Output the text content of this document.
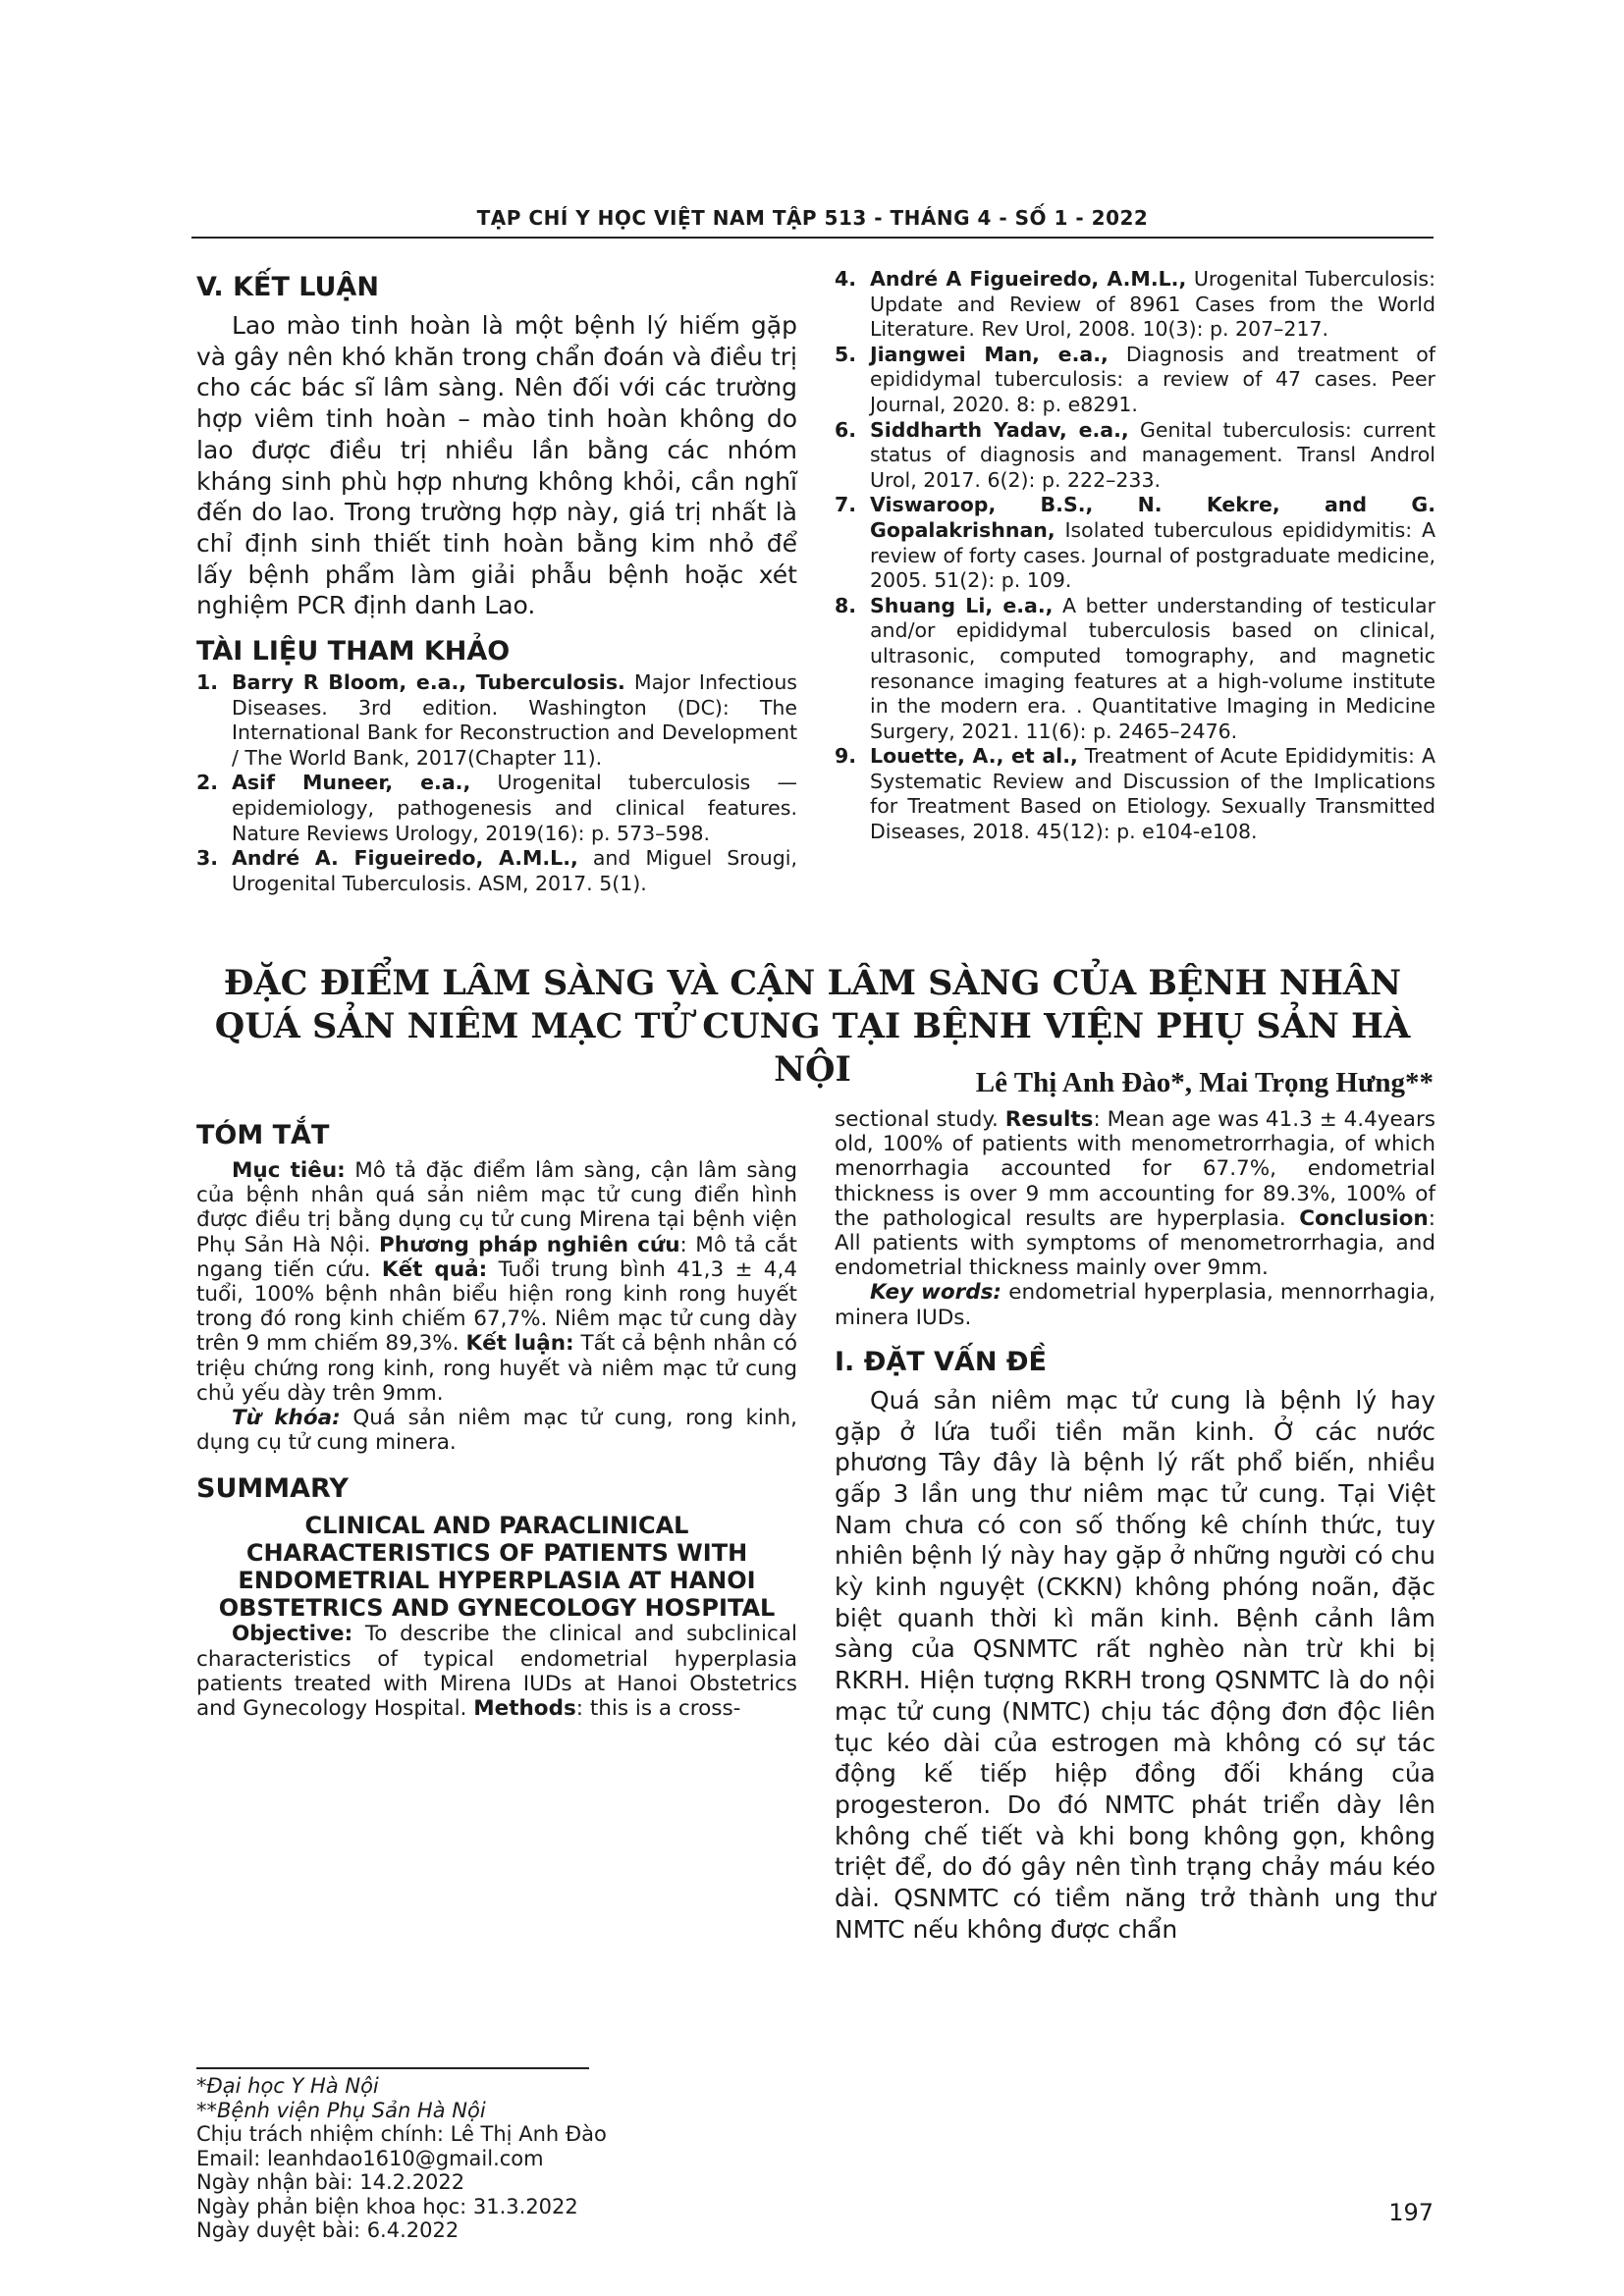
TẠP CHÍ Y HỌC VIỆT NAM TẬP 513 - THÁNG 4 - SỐ 1 - 2022
V. KẾT LUẬN

Lao mào tinh hoàn là một bệnh lý hiếm gặp và gây nên khó khăn trong chẩn đoán và điều trị cho các bác sĩ lâm sàng. Nên đối với các trường hợp viêm tinh hoàn – mào tinh hoàn không do lao được điều trị nhiều lần bằng các nhóm kháng sinh phù hợp nhưng không khỏi, cần nghĩ đến do lao. Trong trường hợp này, giá trị nhất là chỉ định sinh thiết tinh hoàn bằng kim nhỏ để lấy bệnh phẩm làm giải phẫu bệnh hoặc xét nghiệm PCR định danh Lao.

TÀI LIỆU THAM KHẢO
1. Barry R Bloom, e.a., Tuberculosis. Major Infectious Diseases. 3rd edition. Washington (DC): The International Bank for Reconstruction and Development / The World Bank, 2017(Chapter 11).
2. Asif Muneer, e.a., Urogenital tuberculosis — epidemiology, pathogenesis and clinical features. Nature Reviews Urology, 2019(16): p. 573–598.
3. André A. Figueiredo, A.M.L., and Miguel Srougi, Urogenital Tuberculosis. ASM, 2017. 5(1).
4. André A Figueiredo, A.M.L., Urogenital Tuberculosis: Update and Review of 8961 Cases from the World Literature. Rev Urol, 2008. 10(3): p. 207–217.
5. Jiangwei Man, e.a., Diagnosis and treatment of epididymal tuberculosis: a review of 47 cases. Peer Journal, 2020. 8: p. e8291.
6. Siddharth Yadav, e.a., Genital tuberculosis: current status of diagnosis and management. Transl Androl Urol, 2017. 6(2): p. 222–233.
7. Viswaroop, B.S., N. Kekre, and G. Gopalakrishnan, Isolated tuberculous epididymitis: A review of forty cases. Journal of postgraduate medicine, 2005. 51(2): p. 109.
8. Shuang Li, e.a., A better understanding of testicular and/or epididymal tuberculosis based on clinical, ultrasonic, computed tomography, and magnetic resonance imaging features at a high-volume institute in the modern era. . Quantitative Imaging in Medicine Surgery, 2021. 11(6): p. 2465–2476.
9. Louette, A., et al., Treatment of Acute Epididymitis: A Systematic Review and Discussion of the Implications for Treatment Based on Etiology. Sexually Transmitted Diseases, 2018. 45(12): p. e104-e108.
ĐẶC ĐIỂM LÂM SÀNG VÀ CẬN LÂM SÀNG CỦA BỆNH NHÂN QUÁ SẢN NIÊM MẠC TỬ CUNG TẠI BỆNH VIỆN PHỤ SẢN HÀ NỘI	Lê Thị Anh Đào*, Mai Trọng Hưng**
TÓM TẮT

Mục tiêu: Mô tả đặc điểm lâm sàng, cận lâm sàng của bệnh nhân quá sản niêm mạc tử cung điển hình được điều trị bằng dụng cụ tử cung Mirena tại bệnh viện Phụ Sản Hà Nội. Phương pháp nghiên cứu: Mô tả cắt ngang tiến cứu. Kết quả: Tuổi trung bình 41,3 ± 4,4 tuổi, 100% bệnh nhân biểu hiện rong kinh rong huyết trong đó rong kinh chiếm 67,7%. Niêm mạc tử cung dày trên 9 mm chiếm 89,3%. Kết luận: Tất cả bệnh nhân có triệu chứng rong kinh, rong huyết và niêm mạc tử cung chủ yếu dày trên 9mm.

Từ khóa: Quá sản niêm mạc tử cung, rong kinh, dụng cụ tử cung minera.

SUMMARY

CLINICAL AND PARACLINICAL CHARACTERISTICS OF PATIENTS WITH ENDOMETRIAL HYPERPLASIA AT HANOI OBSTETRICS AND GYNECOLOGY HOSPITAL

Objective: To describe the clinical and subclinical characteristics of typical endometrial hyperplasia patients treated with Mirena IUDs at Hanoi Obstetrics and Gynecology Hospital. Methods: this is a cross-

sectional study. Results: Mean age was 41.3 ± 4.4years old, 100% of patients with menometrorrhagia, of which menorrhagia accounted for 67.7%, endometrial thickness is over 9 mm accounting for 89.3%, 100% of the pathological results are hyperplasia. Conclusion: All patients with symptoms of menometrorrhagia, and endometrial thickness mainly over 9mm.

Key words: endometrial hyperplasia, mennorrhagia, minera IUDs.

I. ĐẶT VẤN ĐỀ

Quá sản niêm mạc tử cung là bệnh lý hay gặp ở lứa tuổi tiền mãn kinh. Ở các nước phương Tây đây là bệnh lý rất phổ biến, nhiều gấp 3 lần ung thư niêm mạc tử cung. Tại Việt Nam chưa có con số thống kê chính thức, tuy nhiên bệnh lý này hay gặp ở những người có chu kỳ kinh nguyệt (CKKN) không phóng noãn, đặc biệt quanh thời kì mãn kinh. Bệnh cảnh lâm sàng của QSNMTC rất nghèo nàn trừ khi bị RKRH. Hiện tượng RKRH trong QSNMTC là do nội mạc tử cung (NMTC) chịu tác động đơn độc liên tục kéo dài của estrogen mà không có sự tác động kế tiếp hiệp đồng đối kháng của progesteron. Do đó NMTC phát triển dày lên không chế tiết và khi bong không gọn, không triệt để, do đó gây nên tình trạng chảy máu kéo dài. QSNMTC có tiềm năng trở thành ung thư NMTC nếu không được chẩn

*Đại học Y Hà Nội
**Bệnh viện Phụ Sản Hà Nội
Chịu trách nhiệm chính: Lê Thị Anh Đào
Email: leanhdao1610@gmail.com
Ngày nhận bài: 14.2.2022
Ngày phản biện khoa học: 31.3.2022
Ngày duyệt bài: 6.4.2022
197
